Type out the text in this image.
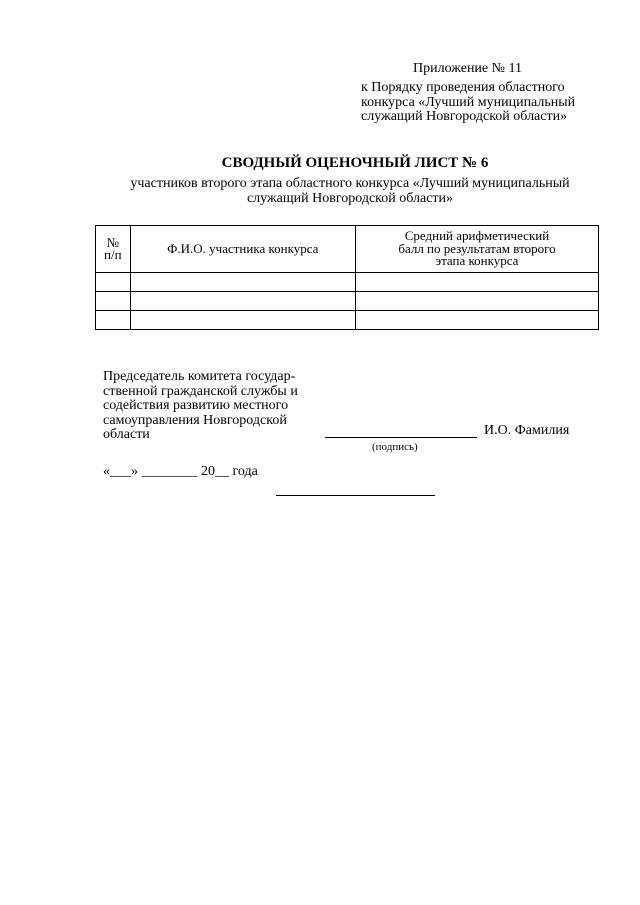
Приложение № 11
к Порядку проведения областного
конкурса «Лучший муниципальный
служащий Новгородской области»
СВОДНЫЙ ОЦЕНОЧНЫЙ ЛИСТ № 6
участников второго этапа областного конкурса «Лучший муниципальный
служащий Новгородской области»
№
п/п	Ф.И.О. участника конкурса	Средний арифметический
балл по результатам второго
этапа конкурса

Председатель комитета государ-
ственной гражданской службы и
содействия развитию местного
самоуправления Новгородской
области	И.О. Фамилия
(подпись)
«___» ________ 20__ года
